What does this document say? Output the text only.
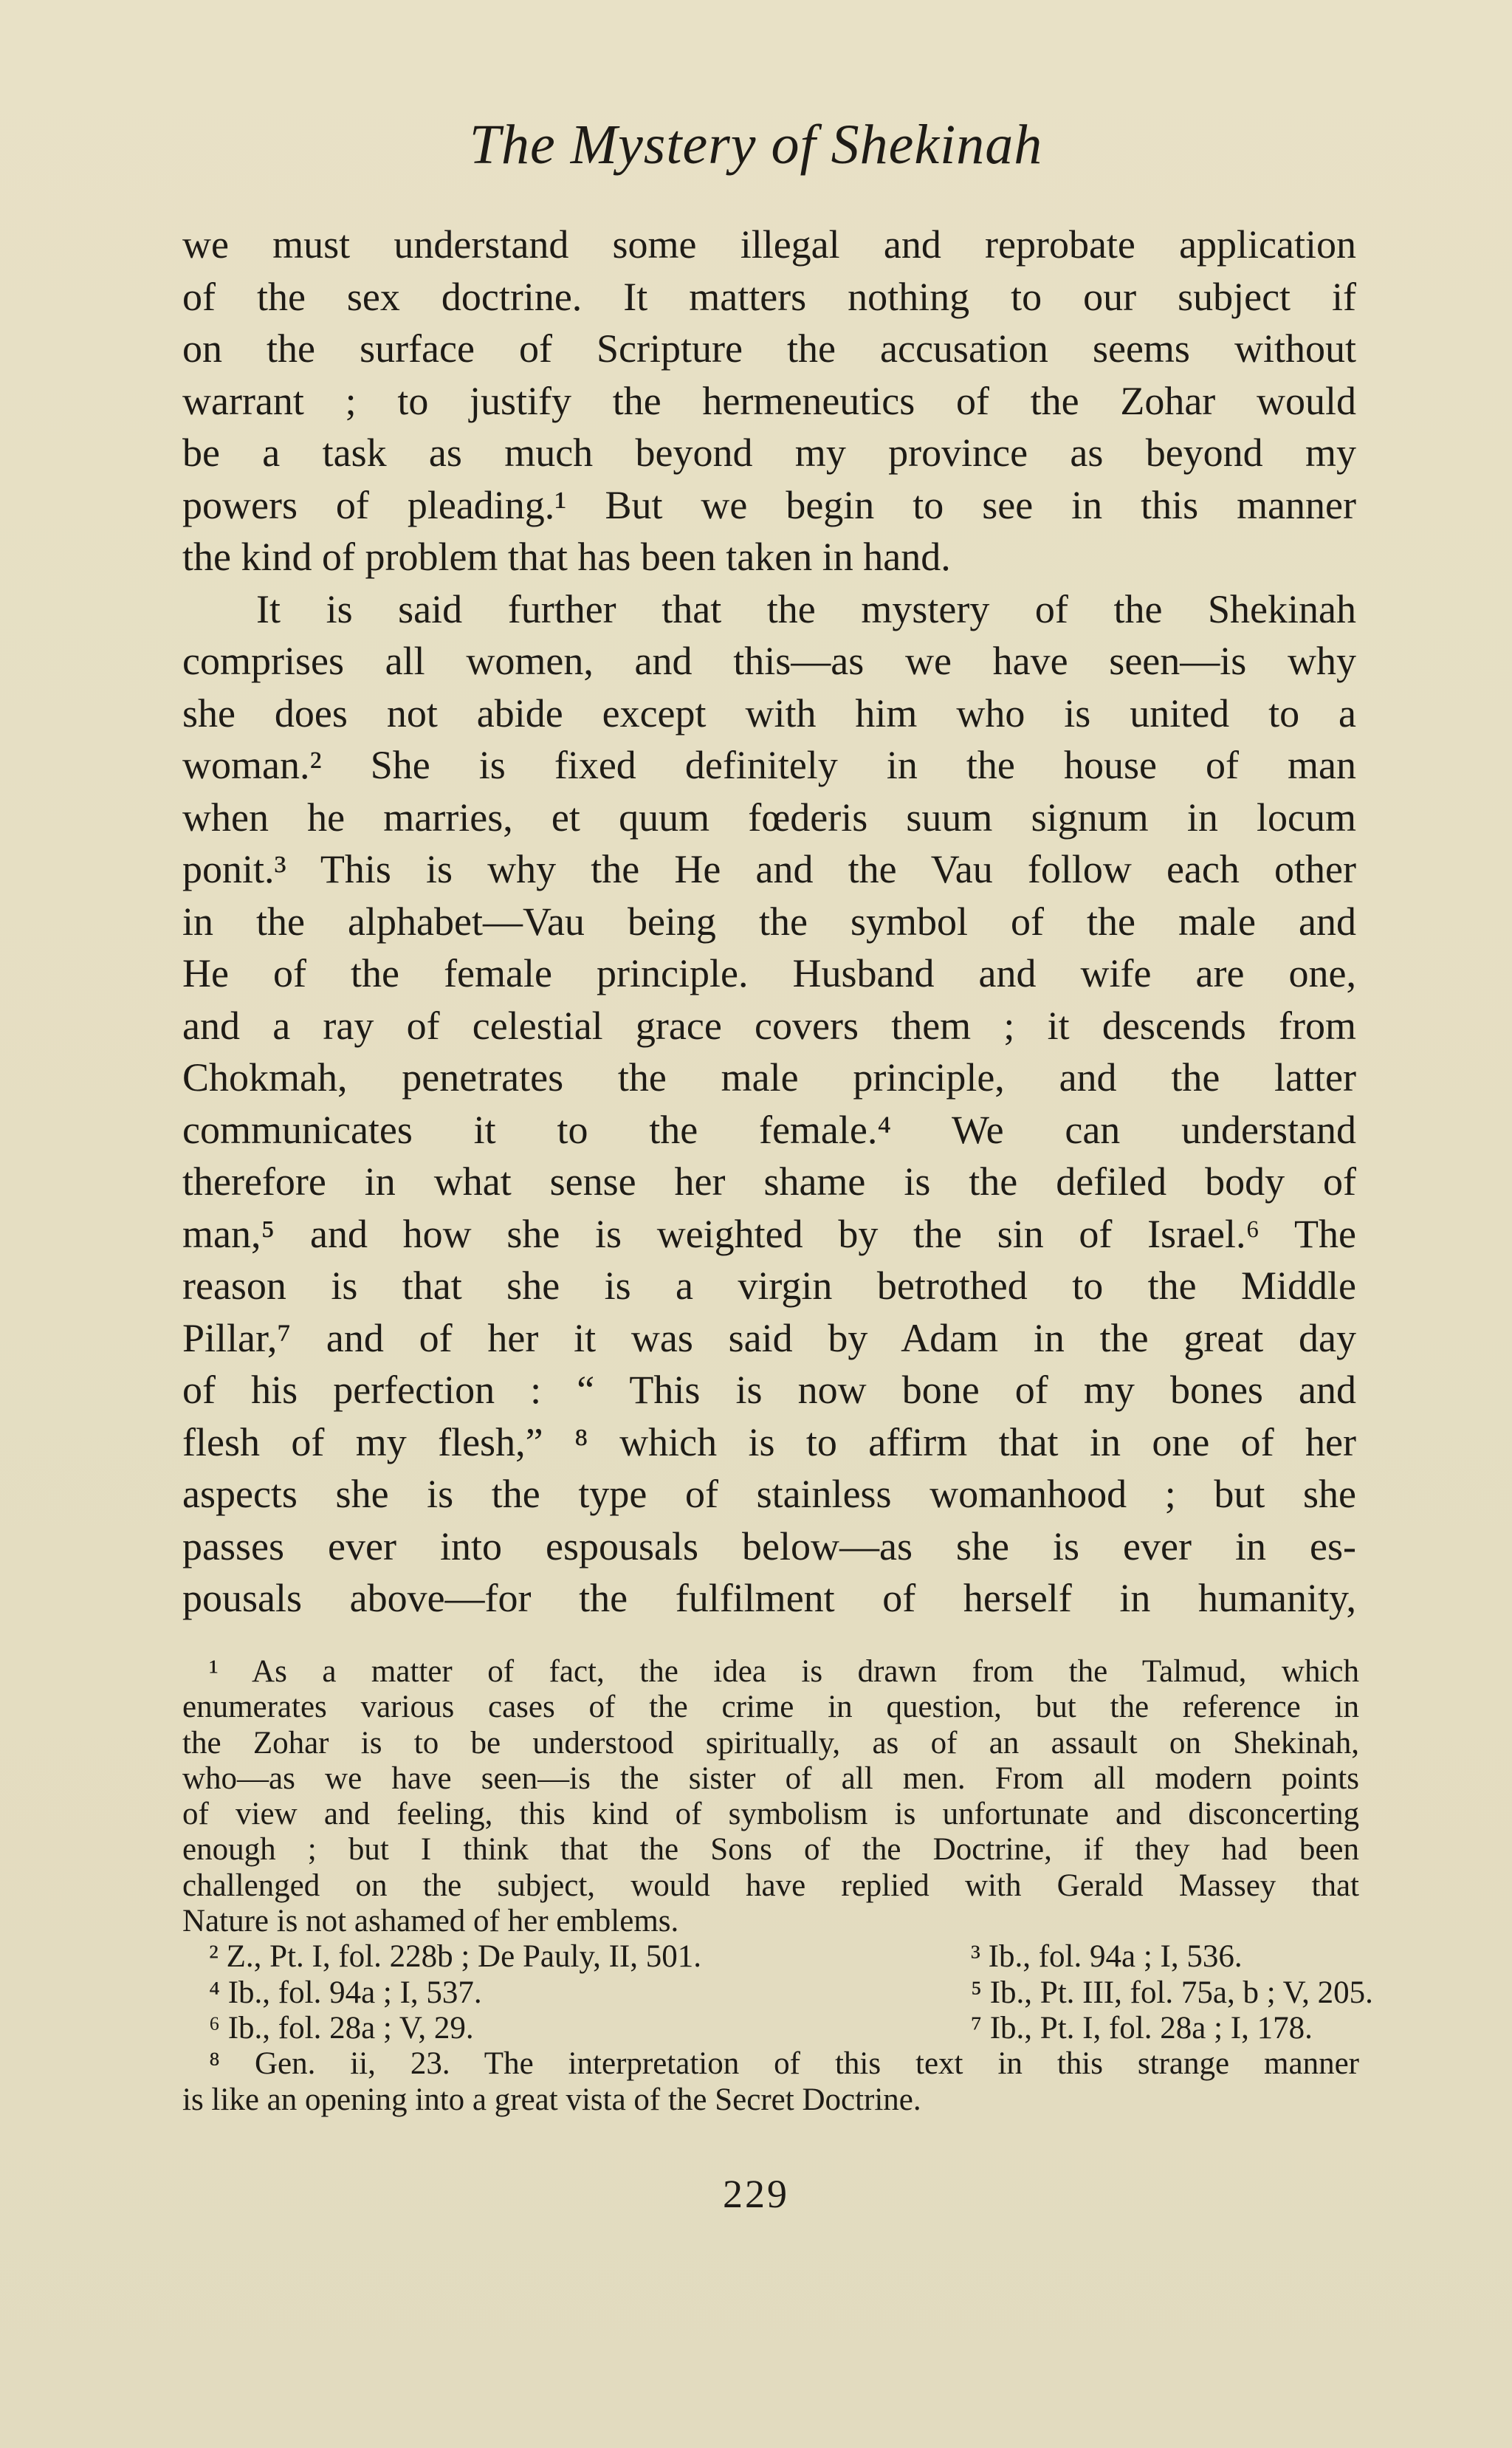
The Mystery of Shekinah
we must understand some illegal and reprobate application
of the sex doctrine. It matters nothing to our subject if
on the surface of Scripture the accusation seems without
warrant ; to justify the hermeneutics of the Zohar would
be a task as much beyond my province as beyond my
powers of pleading.¹ But we begin to see in this manner
the kind of problem that has been taken in hand.
It is said further that the mystery of the Shekinah
comprises all women, and this—as we have seen—is why
she does not abide except with him who is united to a
woman.² She is fixed definitely in the house of man
when he marries, et quum fœderis suum signum in locum
ponit.³ This is why the He and the Vau follow each other
in the alphabet—Vau being the symbol of the male and
He of the female principle. Husband and wife are one,
and a ray of celestial grace covers them ; it descends from
Chokmah, penetrates the male principle, and the latter
communicates it to the female.⁴ We can understand
therefore in what sense her shame is the defiled body of
man,⁵ and how she is weighted by the sin of Israel.⁶ The
reason is that she is a virgin betrothed to the Middle
Pillar,⁷ and of her it was said by Adam in the great day
of his perfection : “ This is now bone of my bones and
flesh of my flesh,” ⁸ which is to affirm that in one of her
aspects she is the type of stainless womanhood ; but she
passes ever into espousals below—as she is ever in es-
pousals above—for the fulfilment of herself in humanity,
¹ As a matter of fact, the idea is drawn from the Talmud, which
enumerates various cases of the crime in question, but the reference in
the Zohar is to be understood spiritually, as of an assault on Shekinah,
who—as we have seen—is the sister of all men. From all modern points
of view and feeling, this kind of symbolism is unfortunate and disconcerting
enough ; but I think that the Sons of the Doctrine, if they had been
challenged on the subject, would have replied with Gerald Massey that
Nature is not ashamed of her emblems.
² Z., Pt. I, fol. 228b ; De Pauly, II, 501.	³ Ib., fol. 94a ; I, 536.
⁴ Ib., fol. 94a ; I, 537.	⁵ Ib., Pt. III, fol. 75a, b ; V, 205.
⁶ Ib., fol. 28a ; V, 29.	⁷ Ib., Pt. I, fol. 28a ; I, 178.
⁸ Gen. ii, 23. The interpretation of this text in this strange manner
is like an opening into a great vista of the Secret Doctrine.
229
